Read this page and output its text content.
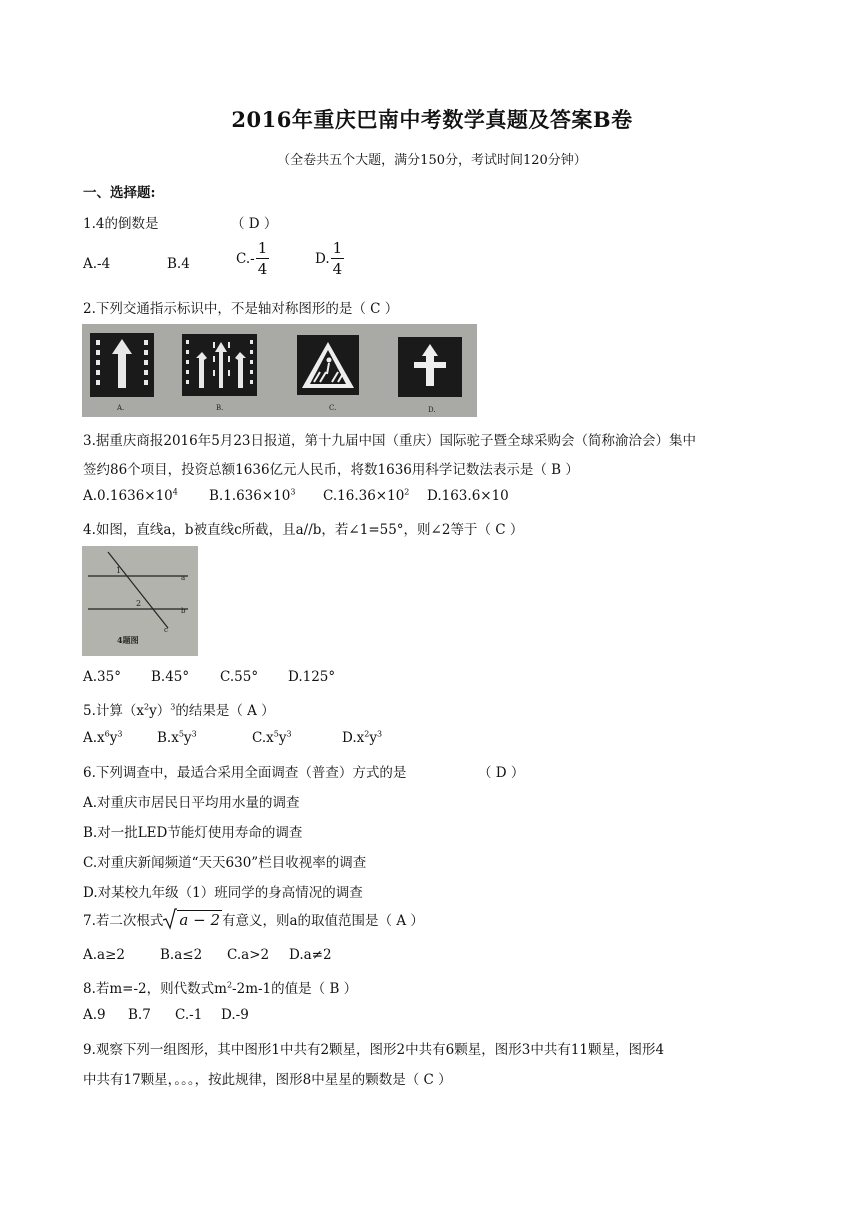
2016年重庆巴南中考数学真题及答案B卷
（全卷共五个大题，满分150分，考试时间120分钟）
一、选择题:
1.4的倒数是	（ D ）
A.-4	B.4	$C.- \frac{1}{4}$	D. $\frac{1}{4}$
2.下列交通指示标识中，不是轴对称图形的是（ C ）
A.	B.	C.	D.
3.据重庆商报2016年5月23日报道，第十九届中国（重庆）国际驼子暨全球采购会（简称渝洽会）集中
签约86个项目，投资总额1636亿元人民币，将数1636用科学记数法表示是（ B ）
$A.0.1636\times 10^4$ $B.1.636\times 10^3$ $C.16.36\times 10^2$ D.163.6×10
4.如图，直线a，b被直线c所截，且a//b，若∠1=55°，则∠2等于（ C ）
1
2
a
b
c
4题图
A.35° B.45° C.55° D.125°
5.计算$(x^2y)^3$的结果是（ A ）
$A.x^6y^3$	$B.x^5y^3$	$C.x^5y^3$	$D.x^2y^3$
6.下列调查中，最适合采用全面调查（普查）方式的是	（ D ）
A.对重庆市居民日平均用水量的调查
B.对一批LED节能灯使用寿命的调查
C.对重庆新闻频道“天天630”栏目收视率的调查
D.对某校九年级（1）班同学的身高情况的调查
7.若二次根式 a − 2 有意义，则a的取值范围是（ A ）
A.a≥2	B.a≤2 C.a>2 D.a≠2
8.若m=-2，则代数式$m^2-2m-1$的值是（ B ）
A.9 B.7 C.-1 D.-9
9.观察下列一组图形，其中图形1中共有2颗星，图形2中共有6颗星，图形3中共有11颗星，图形4
中共有17颗星，。。。，按此规律，图形8中星星的颗数是（ C ）
